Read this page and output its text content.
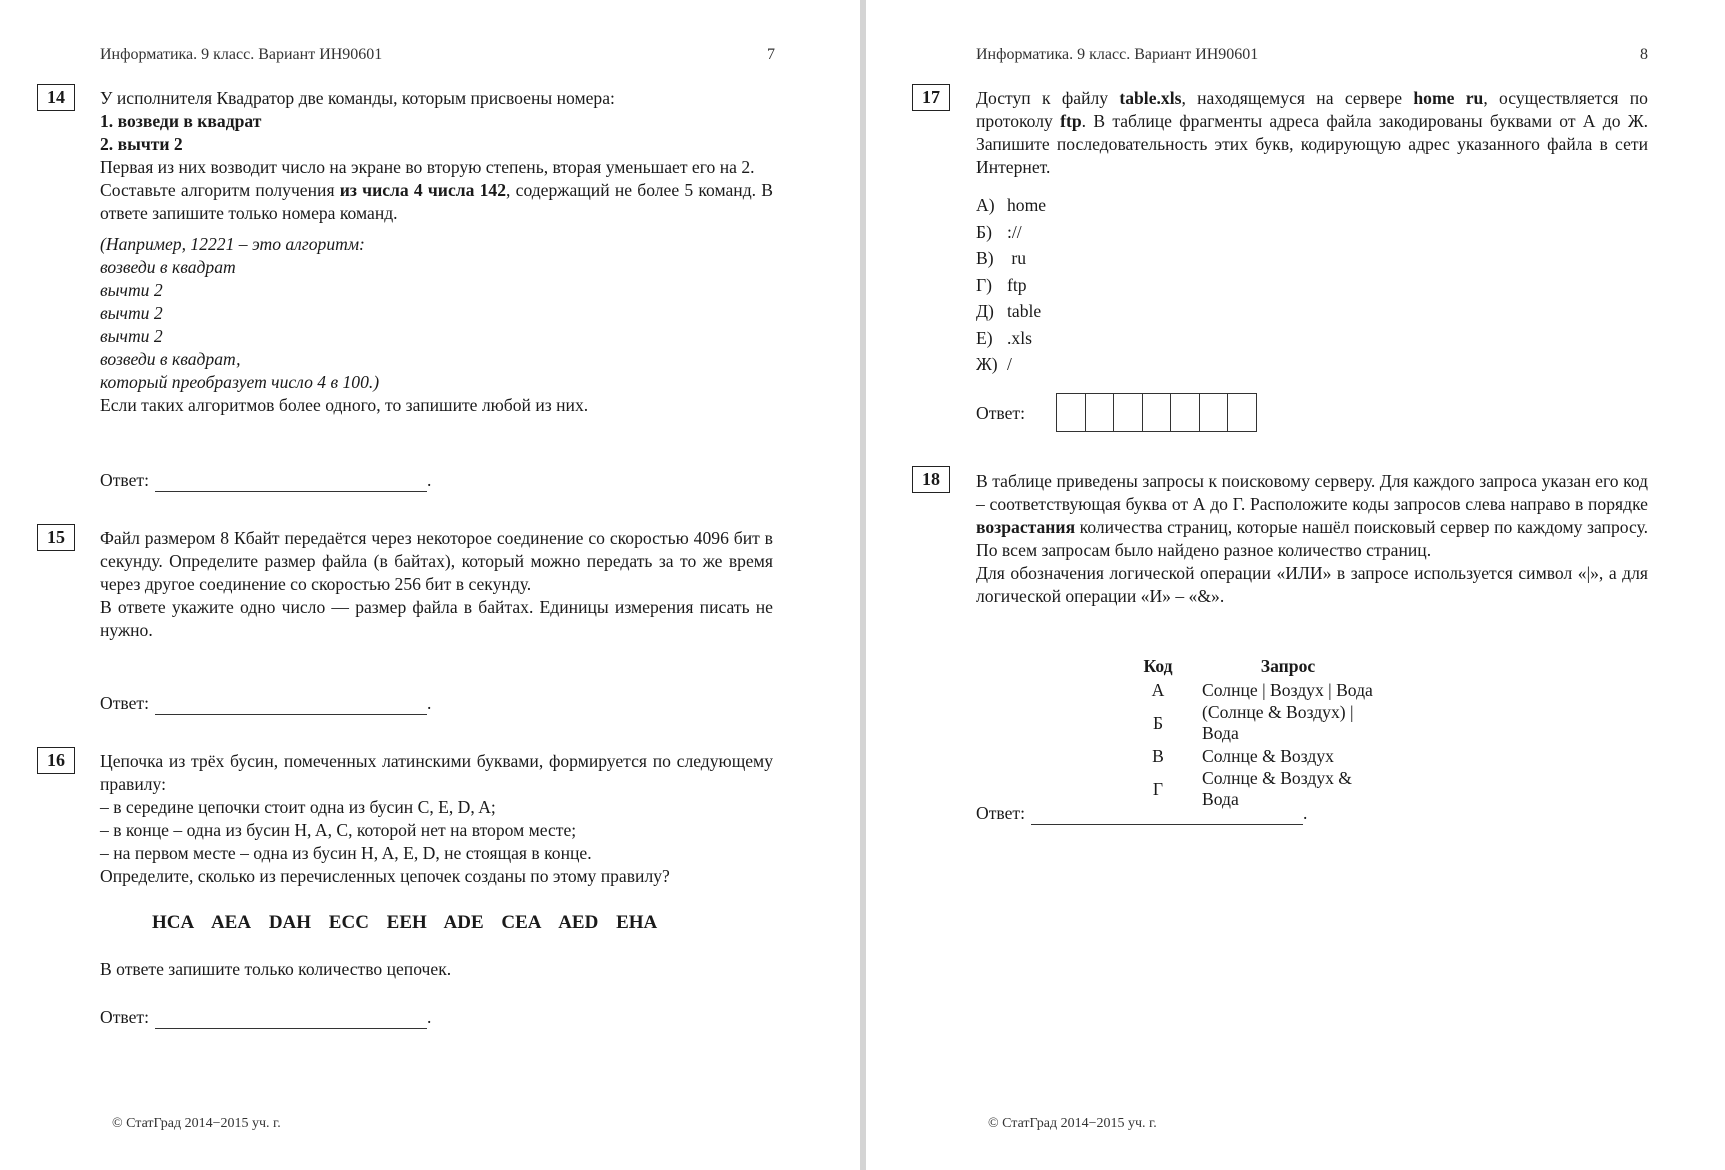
Информатика. 9 класс. Вариант ИН90601	7
14	У исполнителя Квадратор две команды, которым присвоены номера:

1. возведи в квадрат

2. вычти 2

Первая из них возводит число на экране во вторую степень, вторая уменьшает его на 2.

Составьте алгоритм получения из числа 4 числа 142, содержащий не более 5 команд. В ответе запишите только номера команд.

(Например, 12221 – это алгоритм:

возведи в квадрат

вычти 2

вычти 2

вычти 2

возведи в квадрат,

который преобразует число 4 в 100.)

Если таких алгоритмов более одного, то запишите любой из них.

Ответ:	.
15	Файл размером 8 Кбайт передаётся через некоторое соединение со скоростью 4096 бит в секунду. Определите размер файла (в байтах), который можно передать за то же время через другое соединение со скоростью 256 бит в секунду.

В ответе укажите одно число — размер файла в байтах. Единицы измерения писать не нужно.

Ответ:	.
16	Цепочка из трёх бусин, помеченных латинскими буквами, формируется по следующему правилу:

– в середине цепочки стоит одна из бусин C, E, D, A;

– в конце – одна из бусин H, A, C, которой нет на втором месте;

– на первом месте – одна из бусин H, A, E, D, не стоящая в конце.

Определите, сколько из перечисленных цепочек созданы по этому правилу?

HCA AEA DAH ECC EEH ADE CEA AED EHA
В ответе запишите только количество цепочек.
Ответ:	.
© СтатГрад 2014−2015 уч. г.
Информатика. 9 класс. Вариант ИН90601	8
17	Доступ к файлу table.xls, находящемуся на сервере home ru, осуществляется по протоколу ftp. В таблице фрагменты адреса файла закодированы буквами от А до Ж. Запишите последовательность этих букв, кодирующую адрес указанного файла в сети Интернет.

А) home
Б) ://
В) ru
Г) ftp
Д) table
Е) .xls
Ж) /
Ответ:
18	В таблице приведены запросы к поисковому серверу. Для каждого запроса указан его код – соответствующая буква от А до Г. Расположите коды запросов слева направо в порядке возрастания количества страниц, которые нашёл поисковый сервер по каждому запросу. По всем запросам было найдено разное количество страниц.

Для обозначения логической операции «ИЛИ» в запросе используется символ «|», а для логической операции «И» – «&».

Код	Запрос
А	Солнце | Воздух | Вода
Б	(Солнце & Воздух) | Вода
В	Солнце & Воздух
Г	Солнце & Воздух & Вода
Ответ:	.
© СтатГрад 2014−2015 уч. г.
